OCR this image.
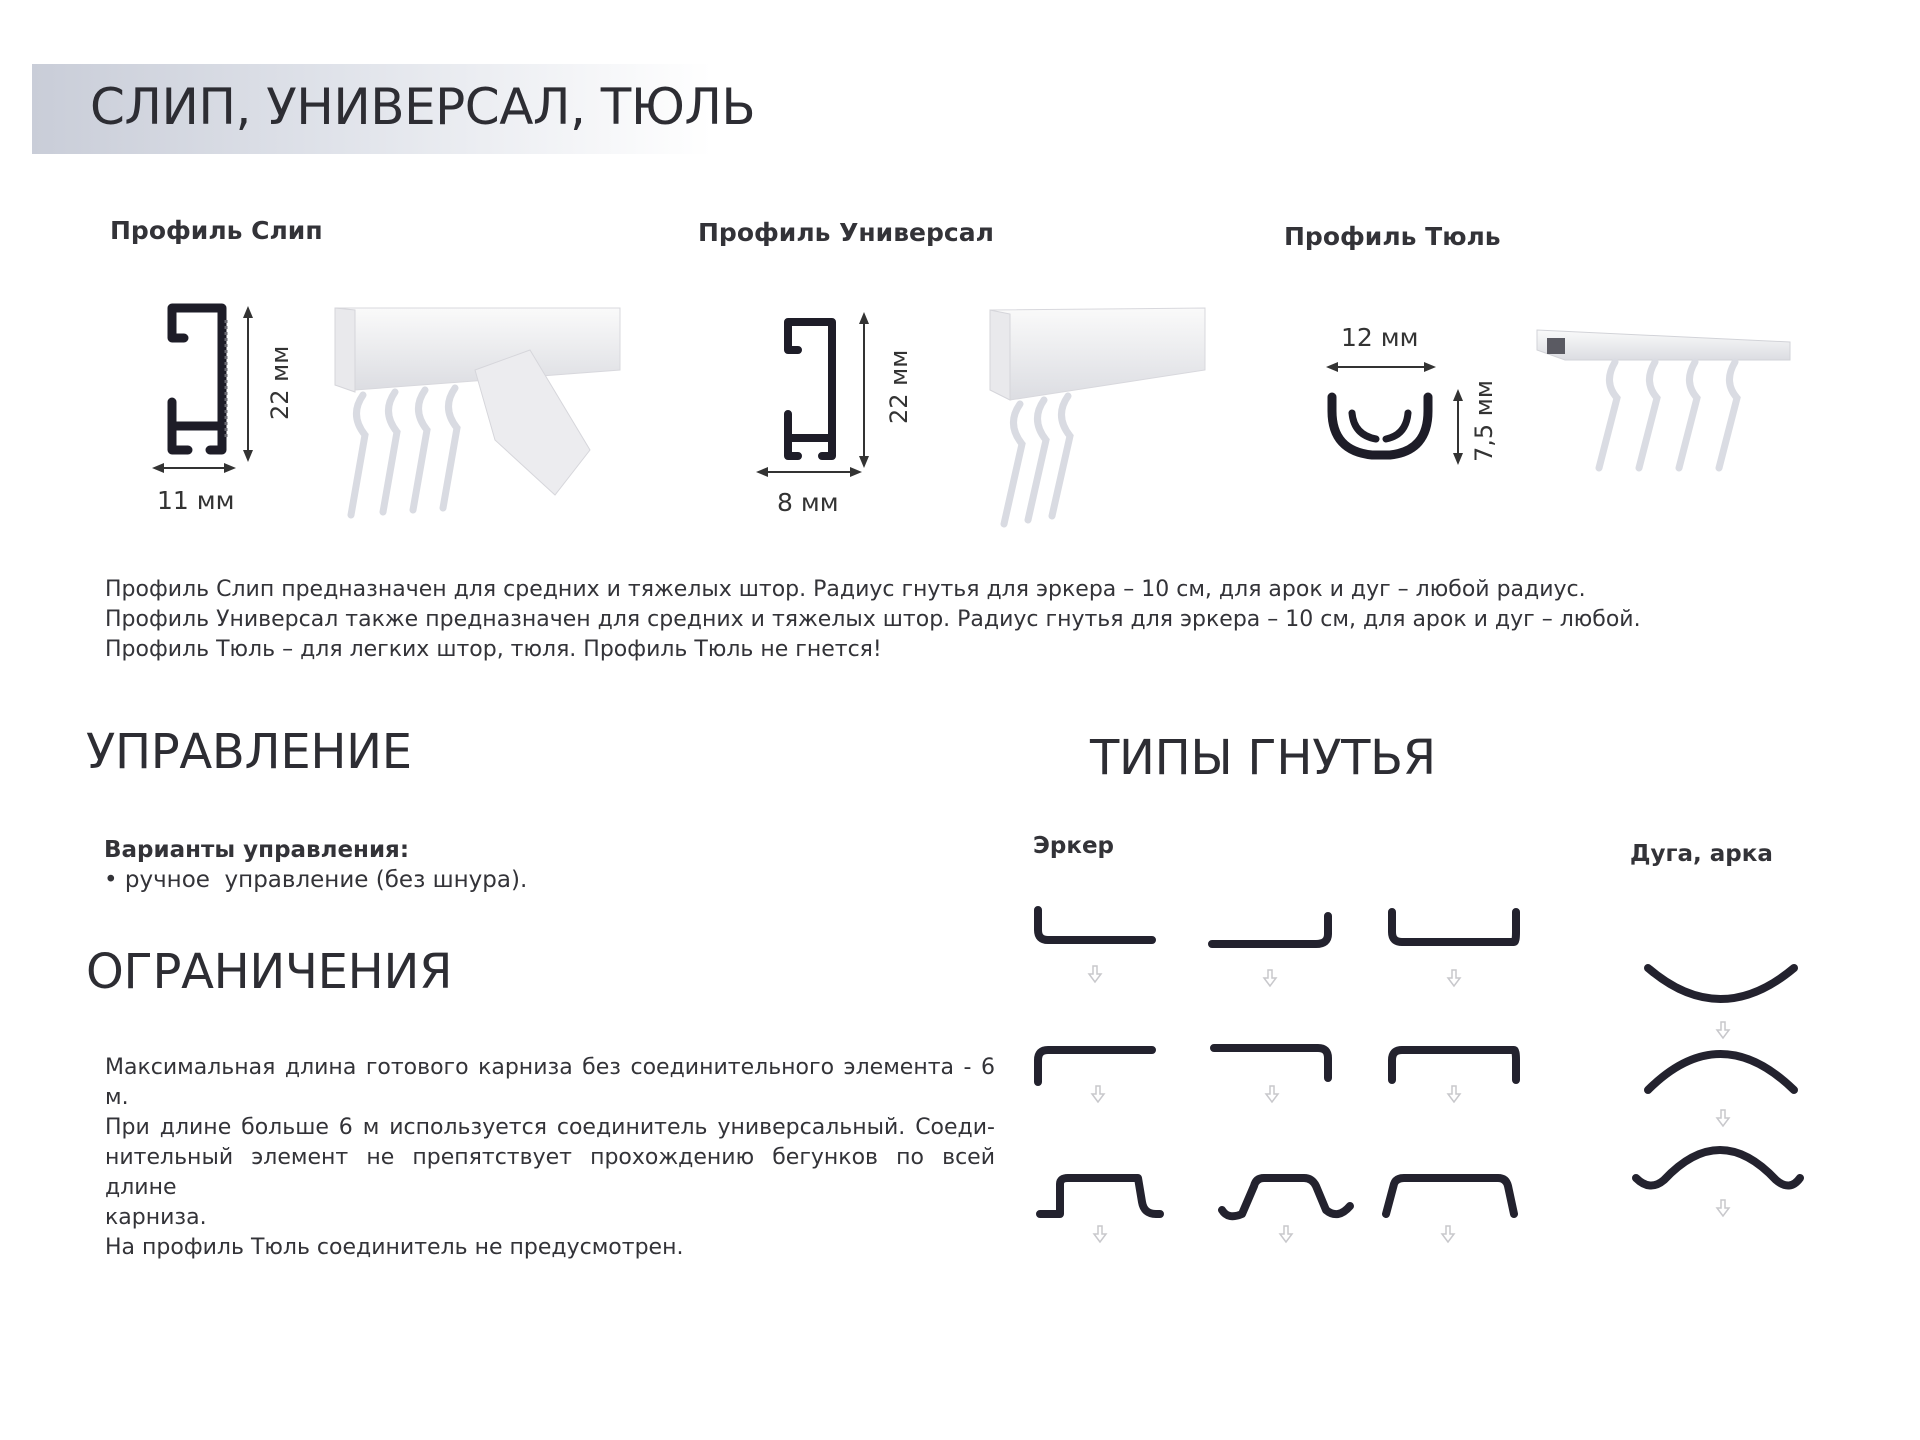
СЛИП, УНИВЕРСАЛ, ТЮЛЬ
Профиль Слип	Профиль Универсал	Профиль Тюль
11 мм
22 мм
8 мм
22 мм
12 мм
7,5 мм
Профиль Слип предназначен для средних и тяжелых штор. Радиус гнутья для эркера – 10 см, для арок и дуг – любой радиус.
Профиль Универсал также предназначен для средних и тяжелых штор. Радиус гнутья для эркера – 10 см, для арок и дуг – любой.
Профиль Тюль – для легких штор, тюля. Профиль Тюль не гнется!
УПРАВЛЕНИЕ
Варианты управления:
• ручное  управление (без шнура).
ОГРАНИЧЕНИЯ
Максимальная длина готового карниза без соединительного элемента - 6 м.
При длине больше 6 м используется соединитель универсальный. Соеди-
нительный элемент не препятствует прохождению бегунков по всей длине
карниза.
На профиль Тюль соединитель не предусмотрен.
ТИПЫ ГНУТЬЯ
Эркер	Дуга, арка
